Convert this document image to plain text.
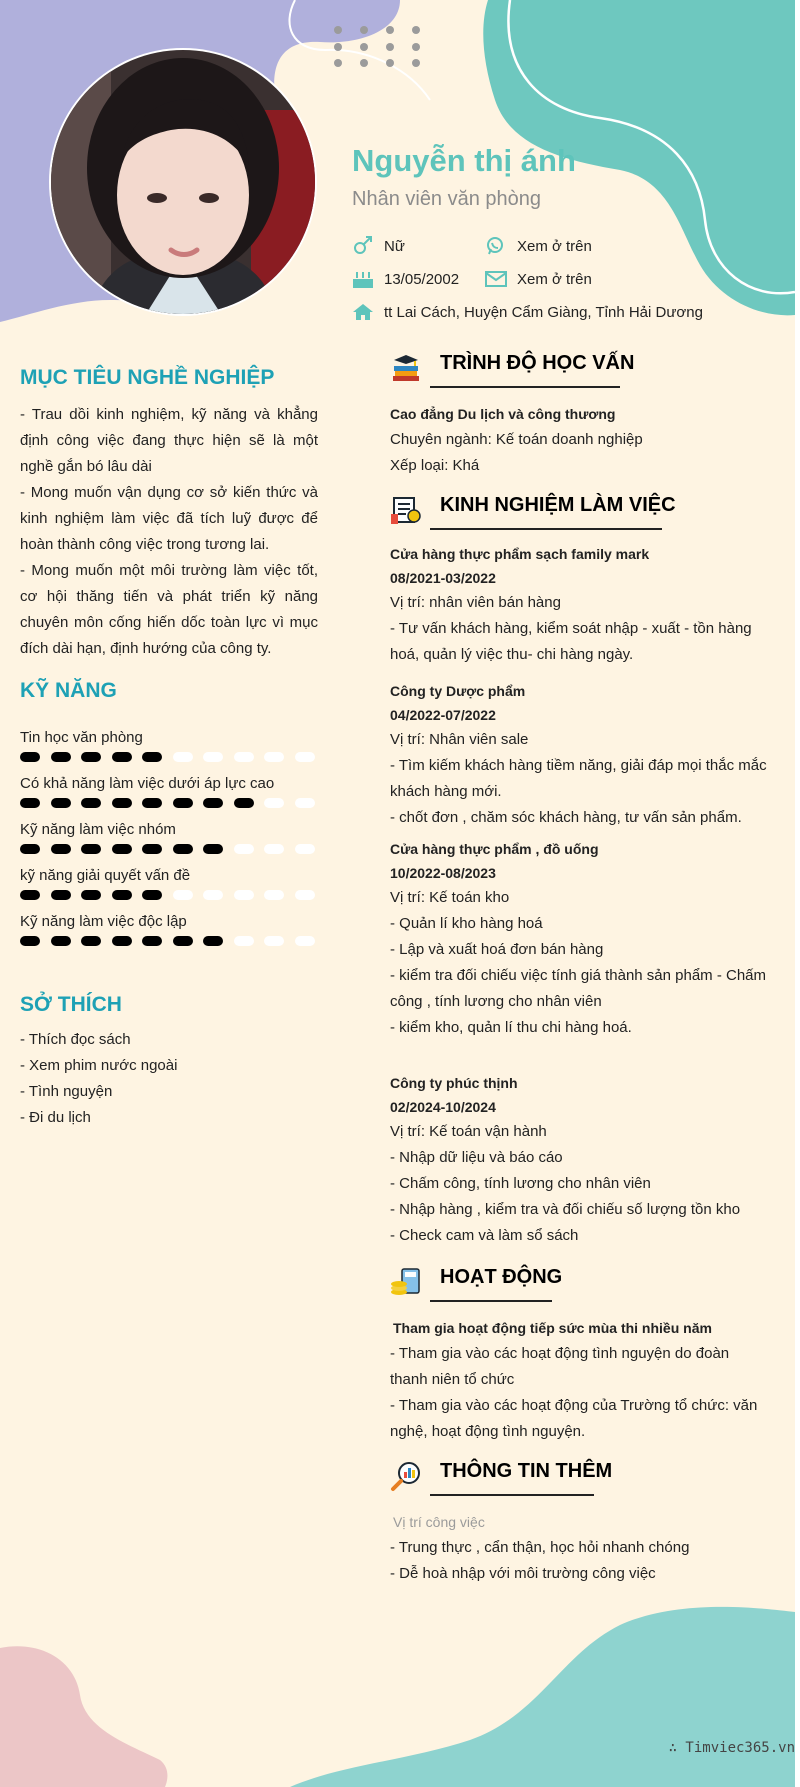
Nguyễn thị ánh
Nhân viên văn phòng
Nữ	Xem ở trên
13/05/2002	Xem ở trên
tt Lai Cách, Huyện Cẩm Giàng, Tỉnh Hải Dương
MỤC TIÊU NGHỀ NGHIỆP
- Trau dồi kinh nghiệm, kỹ năng và khẳng định công việc đang thực hiện sẽ là một nghề gắn bó lâu dài
- Mong muốn vận dụng cơ sở kiến thức và kinh nghiệm làm việc đã tích luỹ được để hoàn thành công việc trong tương lai.
- Mong muốn một môi trường làm việc tốt, cơ hội thăng tiến và phát triển kỹ năng chuyên môn cống hiến dốc toàn lực vì mục đích dài hạn, định hướng của công ty.
KỸ NĂNG
Tin học văn phòng
Có khả năng làm việc dưới áp lực cao
Kỹ năng làm việc nhóm
kỹ năng giải quyết vấn đề
Kỹ năng làm việc độc lập
SỞ THÍCH
- Thích đọc sách
- Xem phim nước ngoài
- Tình nguyện
- Đi du lịch
TRÌNH ĐỘ HỌC VẤN
Cao đẳng Du lịch và công thương
Chuyên ngành: Kế toán doanh nghiệp
Xếp loại: Khá
KINH NGHIỆM LÀM VIỆC
Cửa hàng thực phẩm sạch family mark
08/2021-03/2022
Vị trí: nhân viên bán hàng
- Tư vấn khách hàng, kiểm soát nhập - xuất - tồn hàng hoá, quản lý việc thu- chi hàng ngày.
Công ty Dược phẩm
04/2022-07/2022
Vị trí: Nhân viên sale
- Tìm kiếm khách hàng tiềm năng, giải đáp mọi thắc mắc khách hàng mới.
- chốt đơn , chăm sóc khách hàng, tư vấn sản phẩm.
Cửa hàng thực phẩm , đồ uống
10/2022-08/2023
Vị trí: Kế toán kho
- Quản lí kho hàng hoá
- Lập và xuất hoá đơn bán hàng
- kiểm tra đối chiếu việc tính giá thành sản phẩm - Chấm công , tính lương cho nhân viên
- kiểm kho, quản lí thu chi hàng hoá.
Công ty phúc thịnh
02/2024-10/2024
Vị trí: Kế toán vận hành
- Nhập dữ liệu và báo cáo
- Chấm công, tính lương cho nhân viên
- Nhập hàng , kiểm tra và đối chiếu số lượng tồn kho
- Check cam và làm sổ sách
HOẠT ĐỘNG
Tham gia hoạt động tiếp sức mùa thi nhiều năm
- Tham gia vào các hoạt động tình nguyện do đoàn thanh niên tổ chức
- Tham gia vào các hoạt động của Trường tổ chức: văn nghệ, hoạt động tình nguyện.
THÔNG TIN THÊM
Vị trí công việc
- Trung thực , cẩn thận, học hỏi nhanh chóng
- Dễ hoà nhập với môi trường công việc
∴ Timviec365.vn
